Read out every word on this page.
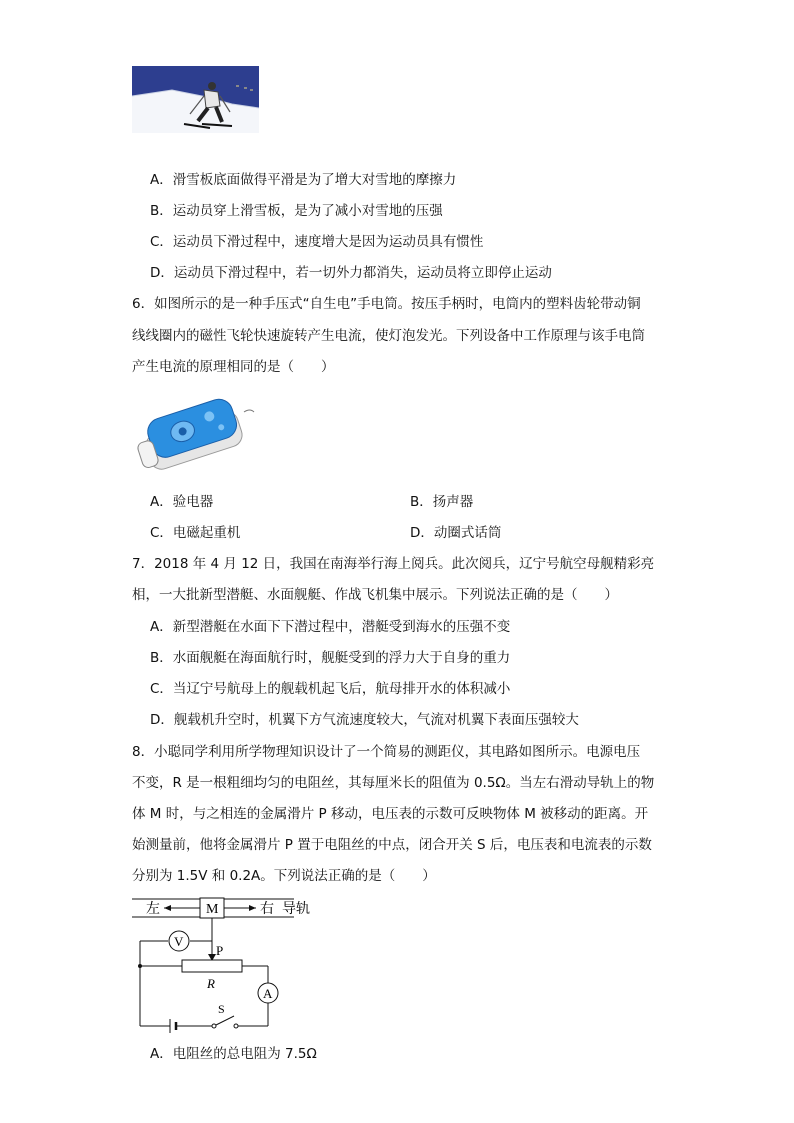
A．滑雪板底面做得平滑是为了增大对雪地的摩擦力
B．运动员穿上滑雪板，是为了减小对雪地的压强
C．运动员下滑过程中，速度增大是因为运动员具有惯性
D．运动员下滑过程中，若一切外力都消失，运动员将立即停止运动
6．如图所示的是一种手压式“自生电”手电筒。按压手柄时，电筒内的塑料齿轮带动铜
线线圈内的磁性飞轮快速旋转产生电流，使灯泡发光。下列设备中工作原理与该手电筒
产生电流的原理相同的是（　　）
A．验电器	B．扬声器
C．电磁起重机	D．动圈式话筒
7．2018 年 4 月 12 日，我国在南海举行海上阅兵。此次阅兵，辽宁号航空母舰精彩亮
相，一大批新型潜艇、水面舰艇、作战飞机集中展示。下列说法正确的是（　　）
A．新型潜艇在水面下下潜过程中，潜艇受到海水的压强不变
B．水面舰艇在海面航行时，舰艇受到的浮力大于自身的重力
C．当辽宁号航母上的舰载机起飞后，航母排开水的体积减小
D．舰载机升空时，机翼下方气流速度较大，气流对机翼下表面压强较大
8．小聪同学利用所学物理知识设计了一个简易的测距仪，其电路如图所示。电源电压
不变，R 是一根粗细均匀的电阻丝，其每厘米长的阻值为 0.5Ω。当左右滑动导轨上的物
体 M 时，与之相连的金属滑片 P 移动，电压表的示数可反映物体 M 被移动的距离。开
始测量前，他将金属滑片 P 置于电阻丝的中点，闭合开关 S 后，电压表和电流表的示数
分别为 1.5V 和 0.2A。下列说法正确的是（　　）
左	M	右 导轨
P
V
R
A
S
A．电阻丝的总电阻为 7.5Ω
